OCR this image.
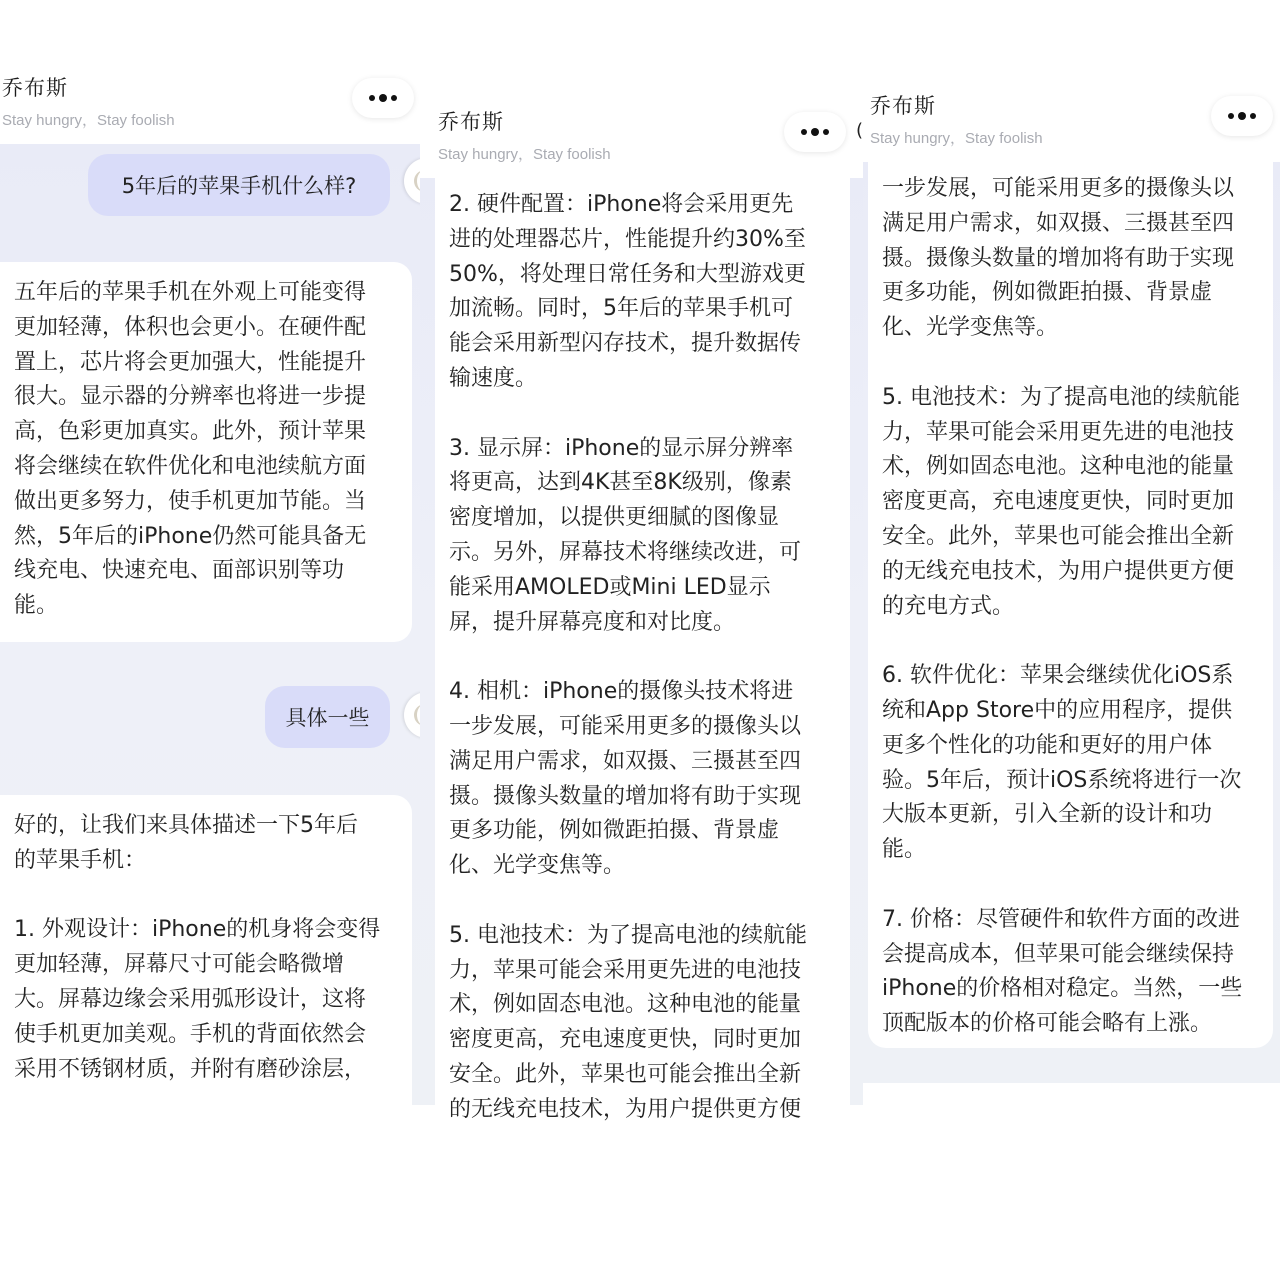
乔布斯
Stay hungry，Stay foolish
5年后的苹果手机什么样?
五年后的苹果手机在外观上可能变得
更加轻薄，体积也会更小。在硬件配
置上，芯片将会更加强大，性能提升
很大。显示器的分辨率也将进一步提
高，色彩更加真实。此外，预计苹果
将会继续在软件优化和电池续航方面
做出更多努力，使手机更加节能。当
然，5年后的iPhone仍然可能具备无
线充电、快速充电、面部识别等功
能。
具体一些
好的，让我们来具体描述一下5年后
的苹果手机：

1. 外观设计：iPhone的机身将会变得
更加轻薄，屏幕尺寸可能会略微增
大。屏幕边缘会采用弧形设计，这将
使手机更加美观。手机的背面依然会
采用不锈钢材质，并附有磨砂涂层，
乔布斯
Stay hungry，Stay foolish
(
2. 硬件配置：iPhone将会采用更先
进的处理器芯片，性能提升约30%至
50%，将处理日常任务和大型游戏更
加流畅。同时，5年后的苹果手机可
能会采用新型闪存技术，提升数据传
输速度。

3. 显示屏：iPhone的显示屏分辨率
将更高，达到4K甚至8K级别，像素
密度增加，以提供更细腻的图像显
示。另外，屏幕技术将继续改进，可
能采用AMOLED或Mini LED显示
屏，提升屏幕亮度和对比度。

4. 相机：iPhone的摄像头技术将进
一步发展，可能采用更多的摄像头以
满足用户需求，如双摄、三摄甚至四
摄。摄像头数量的增加将有助于实现
更多功能，例如微距拍摄、背景虚
化、光学变焦等。

5. 电池技术：为了提高电池的续航能
力，苹果可能会采用更先进的电池技
术，例如固态电池。这种电池的能量
密度更高，充电速度更快，同时更加
安全。此外，苹果也可能会推出全新
的无线充电技术，为用户提供更方便
乔布斯
Stay hungry，Stay foolish
一步发展，可能采用更多的摄像头以
满足用户需求，如双摄、三摄甚至四
摄。摄像头数量的增加将有助于实现
更多功能，例如微距拍摄、背景虚
化、光学变焦等。

5. 电池技术：为了提高电池的续航能
力，苹果可能会采用更先进的电池技
术，例如固态电池。这种电池的能量
密度更高，充电速度更快，同时更加
安全。此外，苹果也可能会推出全新
的无线充电技术，为用户提供更方便
的充电方式。

6. 软件优化：苹果会继续优化iOS系
统和App Store中的应用程序，提供
更多个性化的功能和更好的用户体
验。5年后，预计iOS系统将进行一次
大版本更新，引入全新的设计和功
能。

7. 价格：尽管硬件和软件方面的改进
会提高成本，但苹果可能会继续保持
iPhone的价格相对稳定。当然，一些
顶配版本的价格可能会略有上涨。
